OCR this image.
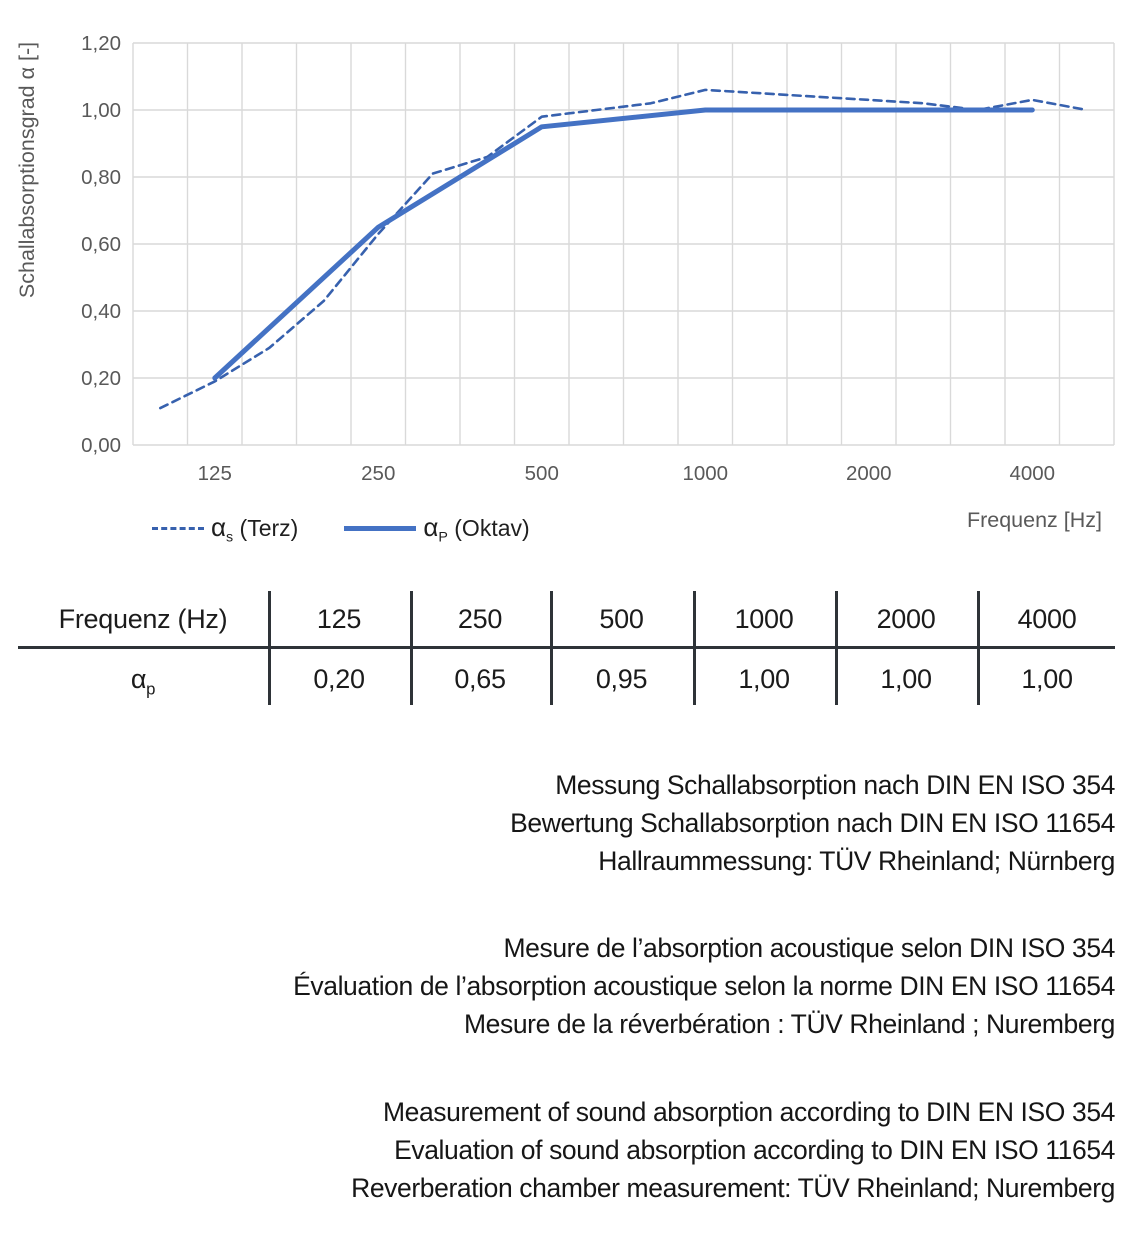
0,00
0,20
0,40
0,60
0,80
1,00
1,20
125	250	500	1000	2000	4000
Frequenz [Hz]
Schallabsorptionsgrad α [-]
$\alpha_s$ (Terz)	$\alpha_P$ (Oktav)
Frequenz (Hz)	125	250	500	1000	2000	4000
$\alpha_p$	0,20	0,65	0,95	1,00	1,00	1,00
Messung Schallabsorption nach DIN EN ISO 354
Bewertung Schallabsorption nach DIN EN ISO 11654
Hallraummessung: TÜV Rheinland; Nürnberg
Mesure de l’absorption acoustique selon DIN ISO 354
Évaluation de l’absorption acoustique selon la norme DIN EN ISO 11654
Mesure de la réverbération : TÜV Rheinland ; Nuremberg
Measurement of sound absorption according to DIN EN ISO 354
Evaluation of sound absorption according to DIN EN ISO 11654
Reverberation chamber measurement: TÜV Rheinland; Nuremberg
